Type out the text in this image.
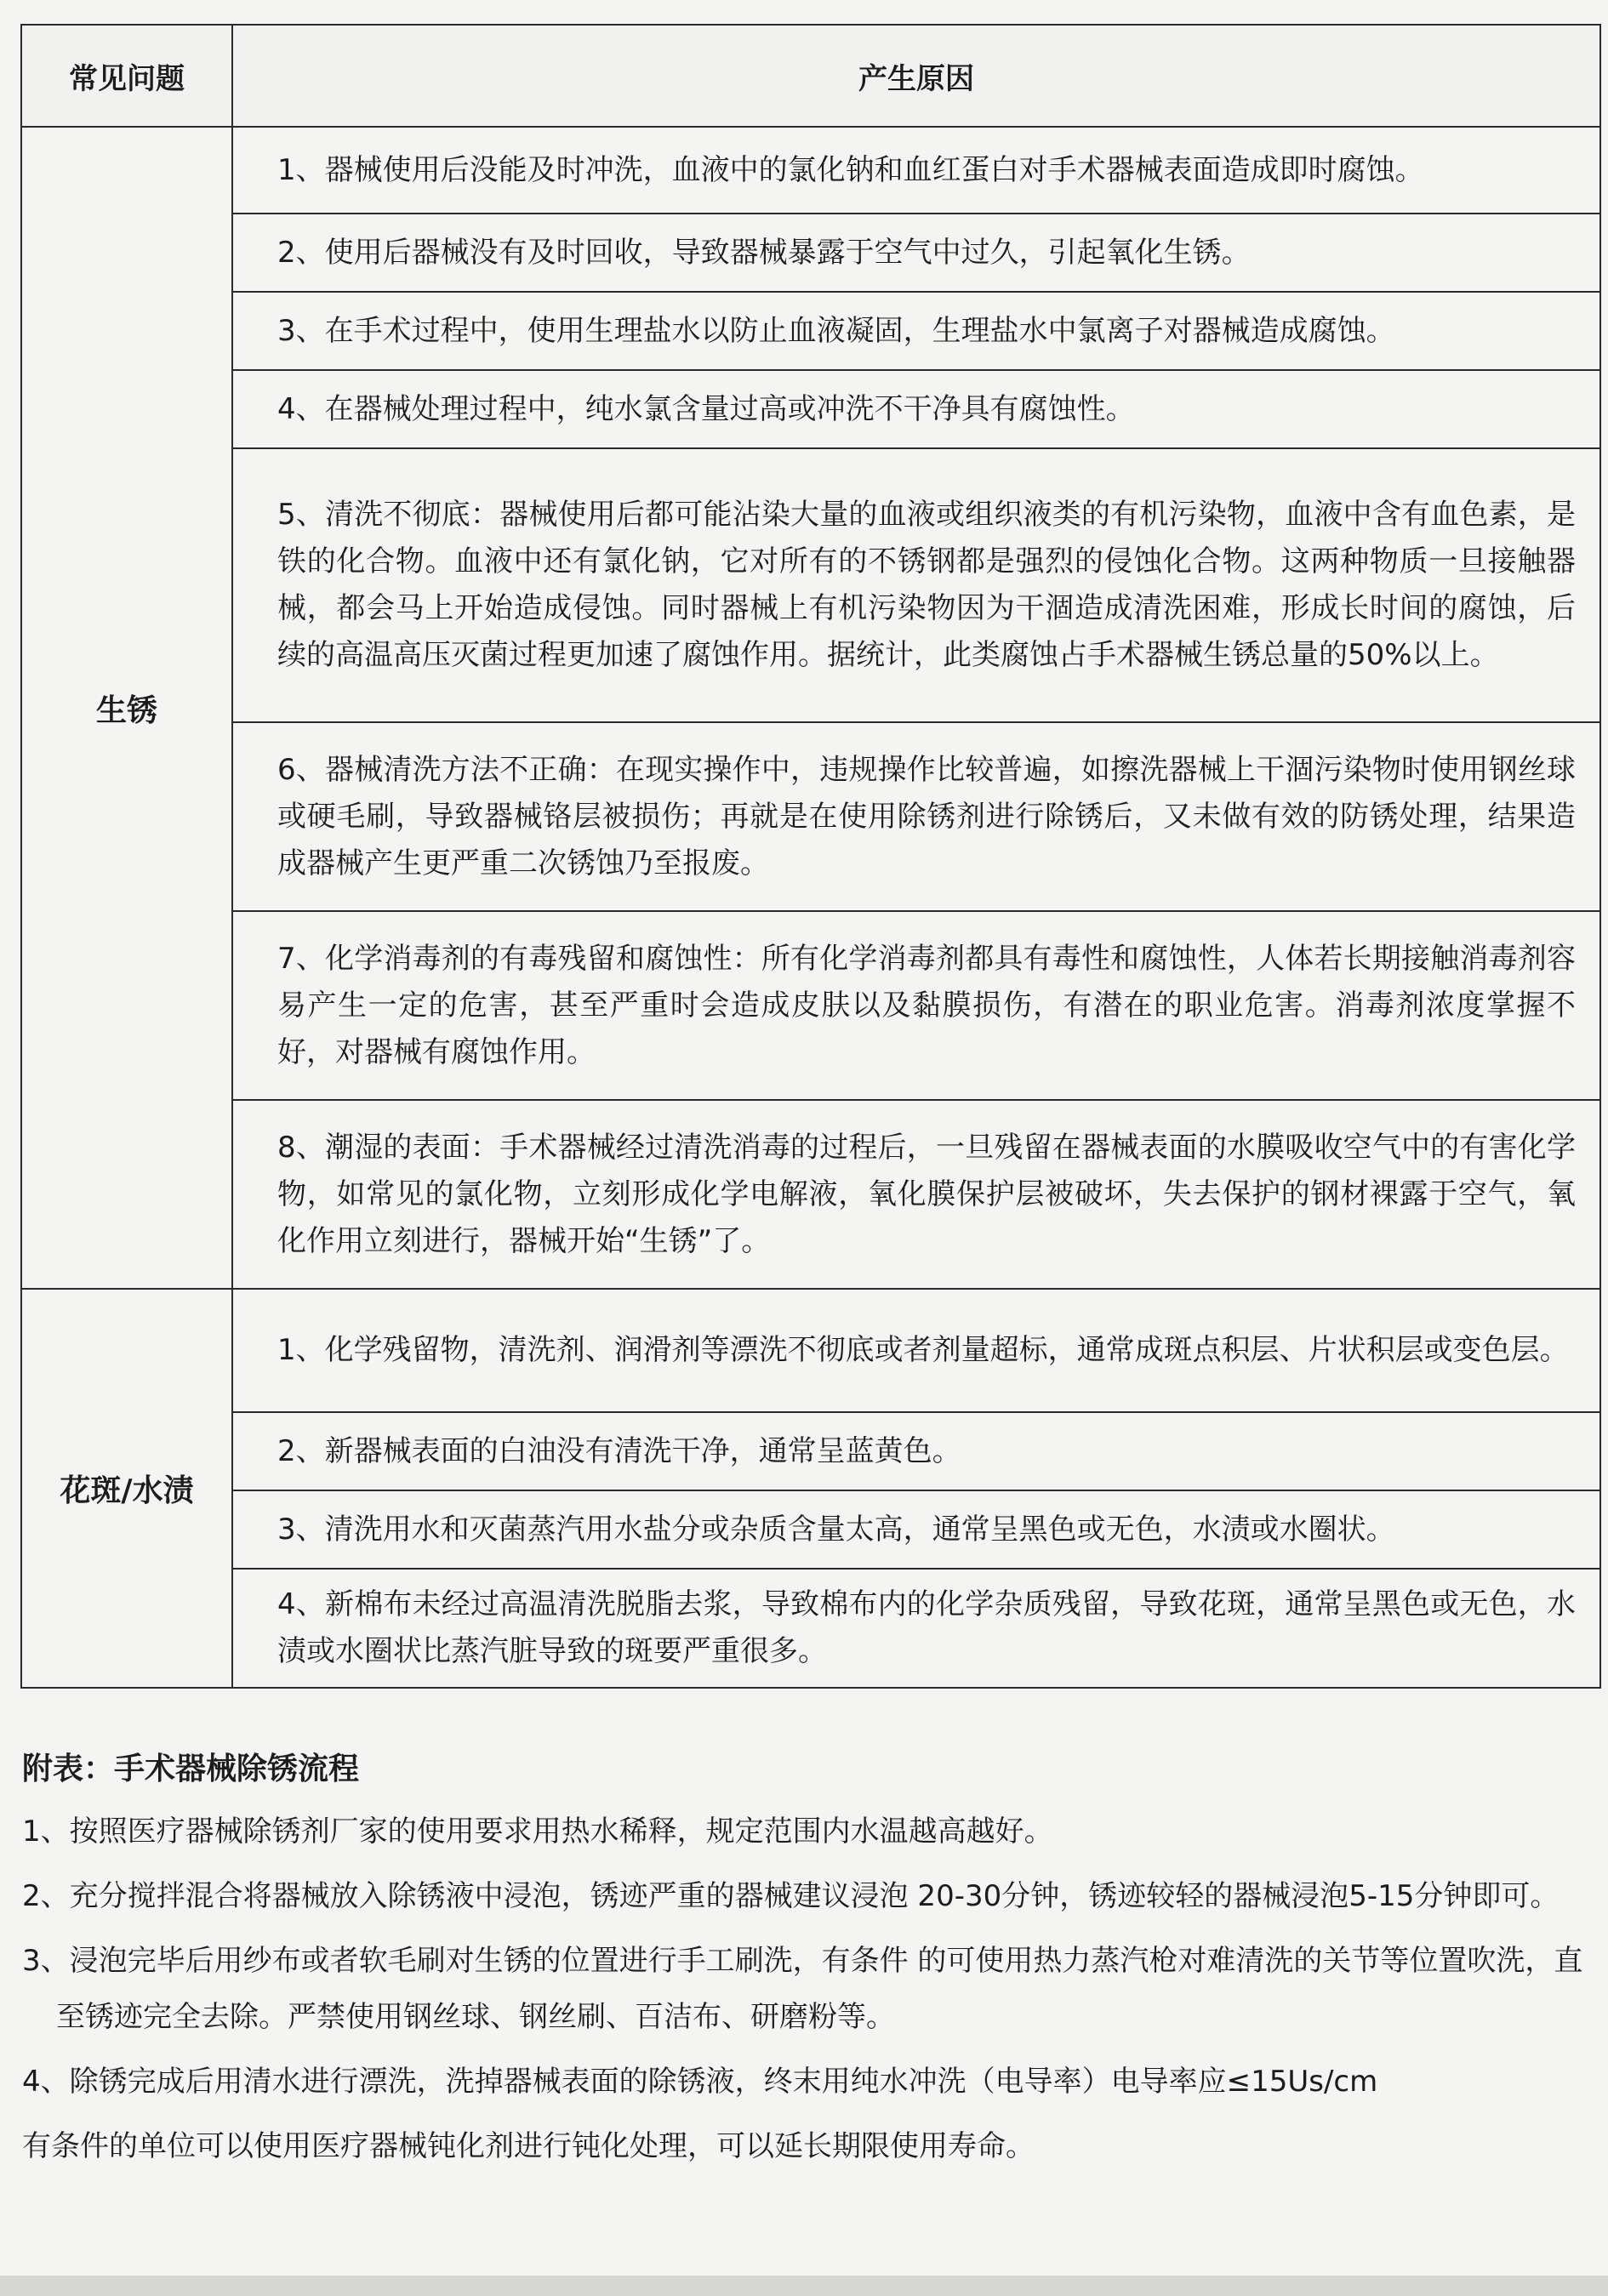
常见问题	产生原因
生锈	1、器械使用后没能及时冲洗，血液中的氯化钠和血红蛋白对手术器械表面造成即时腐蚀。
	2、使用后器械没有及时回收，导致器械暴露于空气中过久，引起氧化生锈。
	3、在手术过程中，使用生理盐水以防止血液凝固，生理盐水中氯离子对器械造成腐蚀。
	4、在器械处理过程中，纯水氯含量过高或冲洗不干净具有腐蚀性。
	5、清洗不彻底：器械使用后都可能沾染大量的血液或组织液类的有机污染物，血液中含有血色素，是铁的化合物。血液中还有氯化钠，它对所有的不锈钢都是强烈的侵蚀化合物。这两种物质一旦接触器械，都会马上开始造成侵蚀。同时器械上有机污染物因为干涸造成清洗困难，形成长时间的腐蚀，后续的高温高压灭菌过程更加速了腐蚀作用。据统计，此类腐蚀占手术器械生锈总量的50%以上。
	6、器械清洗方法不正确：在现实操作中，违规操作比较普遍，如擦洗器械上干涸污染物时使用钢丝球或硬毛刷，导致器械铬层被损伤；再就是在使用除锈剂进行除锈后，又未做有效的防锈处理，结果造成器械产生更严重二次锈蚀乃至报废。
	7、化学消毒剂的有毒残留和腐蚀性：所有化学消毒剂都具有毒性和腐蚀性，人体若长期接触消毒剂容易产生一定的危害，甚至严重时会造成皮肤以及黏膜损伤，有潜在的职业危害。消毒剂浓度掌握不好，对器械有腐蚀作用。
	8、潮湿的表面：手术器械经过清洗消毒的过程后，一旦残留在器械表面的水膜吸收空气中的有害化学物，如常见的氯化物，立刻形成化学电解液，氧化膜保护层被破坏，失去保护的钢材裸露于空气，氧化作用立刻进行，器械开始“生锈”了。
花斑/水渍	1、化学残留物，清洗剂、润滑剂等漂洗不彻底或者剂量超标，通常成斑点积层、片状积层或变色层。
	2、新器械表面的白油没有清洗干净，通常呈蓝黄色。
	3、清洗用水和灭菌蒸汽用水盐分或杂质含量太高，通常呈黑色或无色，水渍或水圈状。
	4、新棉布未经过高温清洗脱脂去浆，导致棉布内的化学杂质残留，导致花斑，通常呈黑色或无色，水渍或水圈状比蒸汽脏导致的斑要严重很多。
附表：手术器械除锈流程
1、按照医疗器械除锈剂厂家的使用要求用热水稀释，规定范围内水温越高越好。
2、充分搅拌混合将器械放入除锈液中浸泡，锈迹严重的器械建议浸泡 20-30分钟，锈迹较轻的器械浸泡5-15分钟即可。
3、浸泡完毕后用纱布或者软毛刷对生锈的位置进行手工刷洗，有条件 的可使用热力蒸汽枪对难清洗的关节等位置吹洗，直至锈迹完全去除。严禁使用钢丝球、钢丝刷、百洁布、研磨粉等。
4、除锈完成后用清水进行漂洗，洗掉器械表面的除锈液，终末用纯水冲洗（电导率）电导率应≤15Us/cm
有条件的单位可以使用医疗器械钝化剂进行钝化处理，可以延长期限使用寿命。
